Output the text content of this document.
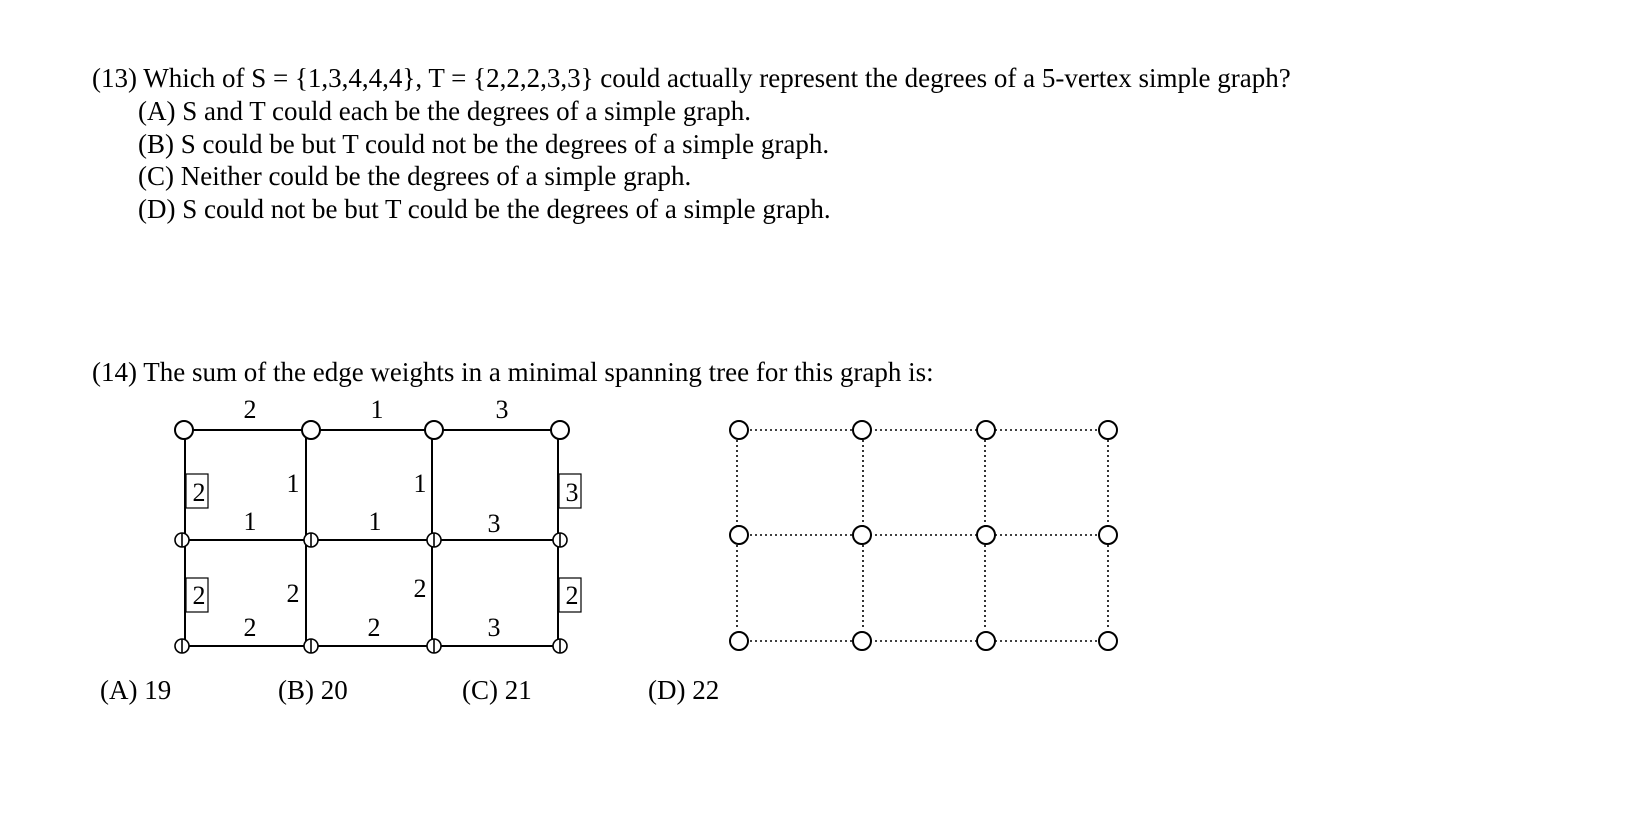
(13) Which of S = {1,3,4,4,4}, T = {2,2,2,3,3} could actually represent the degrees of a 5-vertex simple graph?
(A) S and T could each be the degrees of a simple graph.
(B) S could be but T could not be the degrees of a simple graph.
(C) Neither could be the degrees of a simple graph.
(D) S could not be but T could be the degrees of a simple graph.
(14) The sum of the edge weights in a minimal spanning tree for this graph is:
2	1	3
1	1	3
2	2	3
2	1	1	3
2	2	2	2
(A) 19	(B) 20	(C) 21	(D) 22
